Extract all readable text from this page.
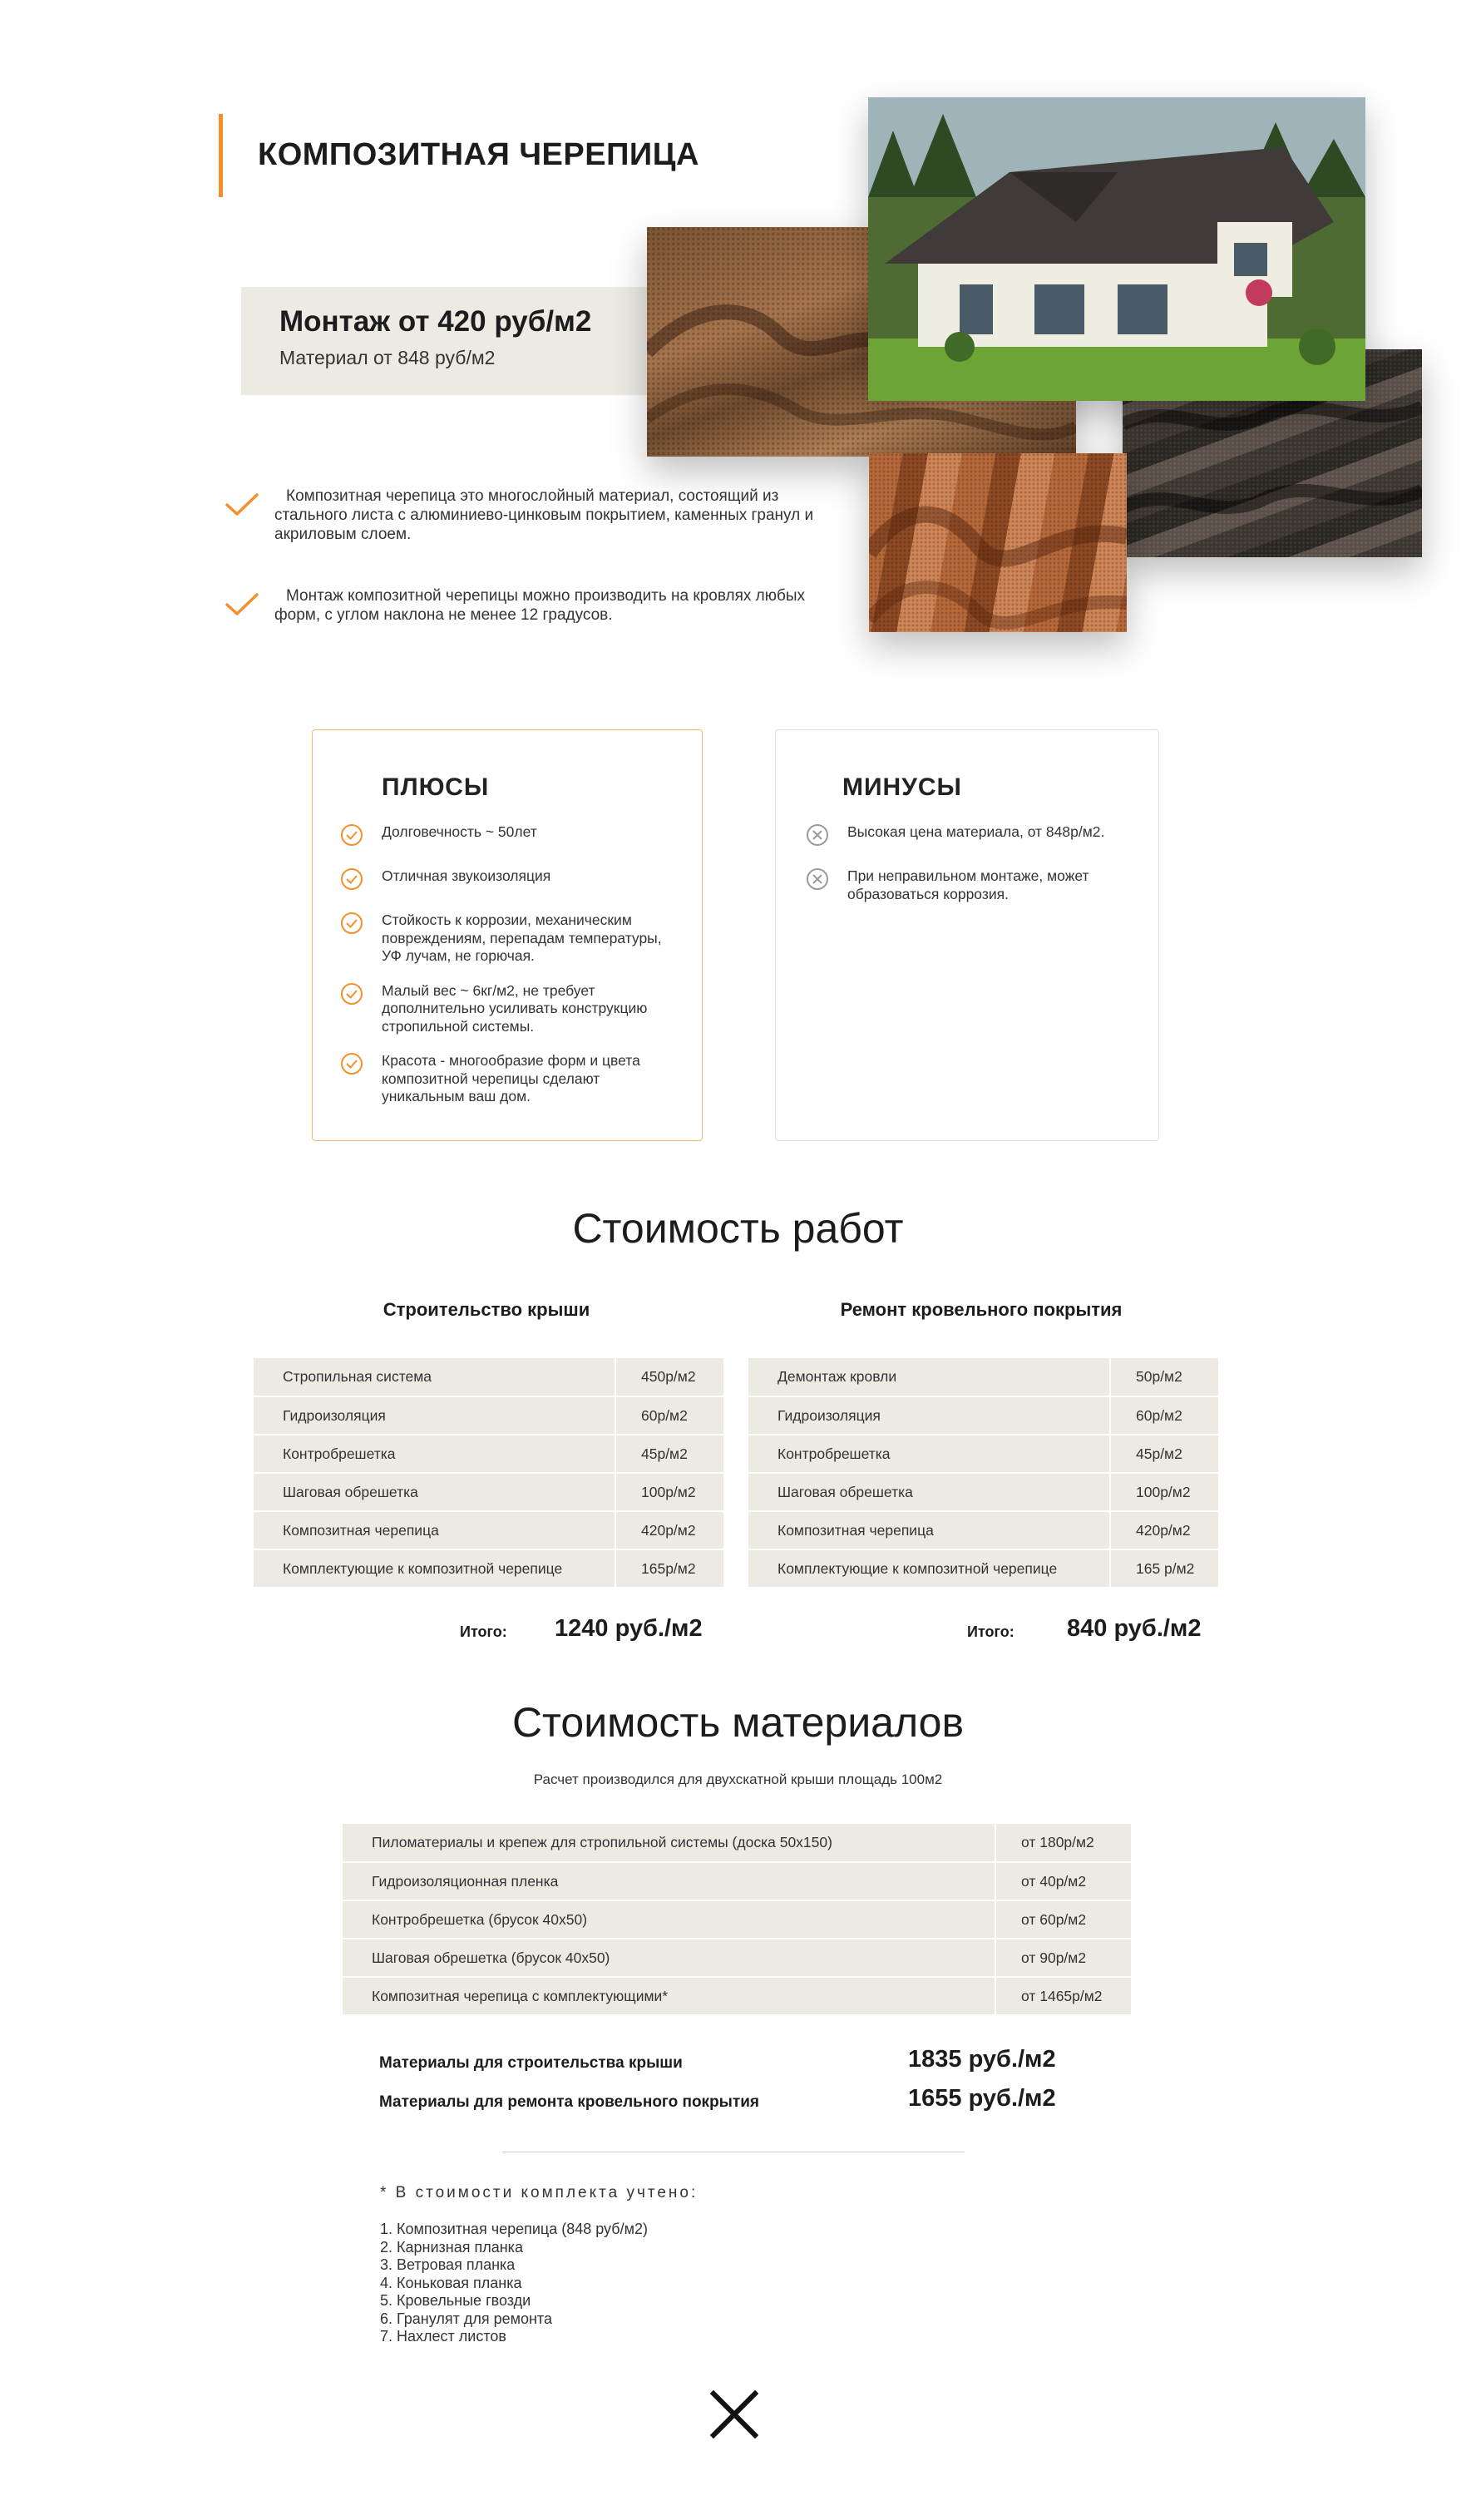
КОМПОЗИТНАЯ ЧЕРЕПИЦА
Монтаж от 420 руб/м2
Материал от 848 руб/м2

Композитная черепица это многослойный материал, состоящий из стального листа с алюминиево-цинковым покрытием, каменных гранул и акриловым слоем.

Монтаж композитной черепицы можно производить на кровлях любых форм, с углом наклона не менее 12 градусов.

ПЛЮСЫ
Долговечность ~ 50лет
Отличная звукоизоляция
Стойкость к коррозии, механическим повреждениям, перепадам температуры, УФ лучам, не горючая.
Малый вес ~ 6кг/м2, не требует дополнительно усиливать конструкцию стропильной системы.
Красота - многообразие форм и цвета композитной черепицы сделают уникальным ваш дом.
МИНУСЫ
Высокая цена материала, от 848р/м2.
При неправильном монтаже, может образоваться коррозия.
Стоимость работ
Строительство крыши	Ремонт кровельного покрытия
Стропильная система	450р/м2
Гидроизоляция	60р/м2
Контробрешетка	45р/м2
Шаговая обрешетка	100р/м2
Композитная черепица	420р/м2
Комплектующие к композитной черепице	165р/м2
Демонтаж кровли	50р/м2
Гидроизоляция	60р/м2
Контробрешетка	45р/м2
Шаговая обрешетка	100р/м2
Композитная черепица	420р/м2
Комплектующие к композитной черепице	165 р/м2
Итого: 1240 руб./м2	Итого: 840 руб./м2
Стоимость материалов

Расчет производился для двухскатной крыши площадь 100м2

Пиломатериалы и крепеж для стропильной системы (доска 50х150)	от 180р/м2
Гидроизоляционная пленка	от 40р/м2
Контробрешетка (брусок 40х50)	от 60р/м2
Шаговая обрешетка (брусок 40х50)	от 90р/м2
Композитная черепица с комплектующими*	от 1465р/м2
Материалы для строительства крыши	1835 руб./м2
Материалы для ремонта кровельного покрытия	1655 руб./м2

* В стоимости комплекта учтено:

1. Композитная черепица (848 руб/м2)
2. Карнизная планка
3. Ветровая планка
4. Коньковая планка
5. Кровельные гвозди
6. Гранулят для ремонта
7. Нахлест листов
